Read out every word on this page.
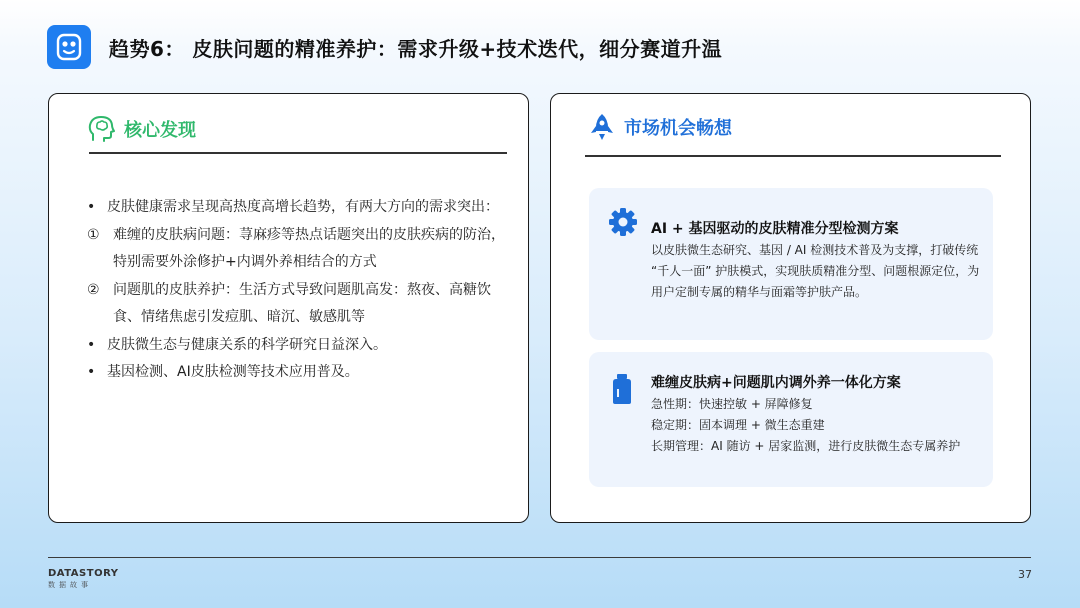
趋势6： 皮肤问题的精准养护：需求升级+技术迭代，细分赛道升温
核心发现
• 皮肤健康需求呈现高热度高增长趋势，有两大方向的需求突出：
① 难缠的皮肤病问题：荨麻疹等热点话题突出的皮肤疾病的防治，特别需要外涂修护+内调外养相结合的方式
② 问题肌的皮肤养护：生活方式导致问题肌高发：熬夜、高糖饮食、情绪焦虑引发痘肌、暗沉、敏感肌等
• 皮肤微生态与健康关系的科学研究日益深入。
• 基因检测、AI皮肤检测等技术应用普及。
市场机会畅想
AI + 基因驱动的皮肤精准分型检测方案
以皮肤微生态研究、基因 / AI 检测技术普及为支撑，打破传统 “千人一面” 护肤模式，实现肤质精准分型、问题根源定位，为用户定制专属的精华与面霜等护肤产品。
难缠皮肤病+问题肌内调外养一体化方案
急性期：快速控敏 + 屏障修复
稳定期：固本调理 + 微生态重建
长期管理：AI 随访 + 居家监测，进行皮肤微生态专属养护
DATASTORY
数据故事
37
